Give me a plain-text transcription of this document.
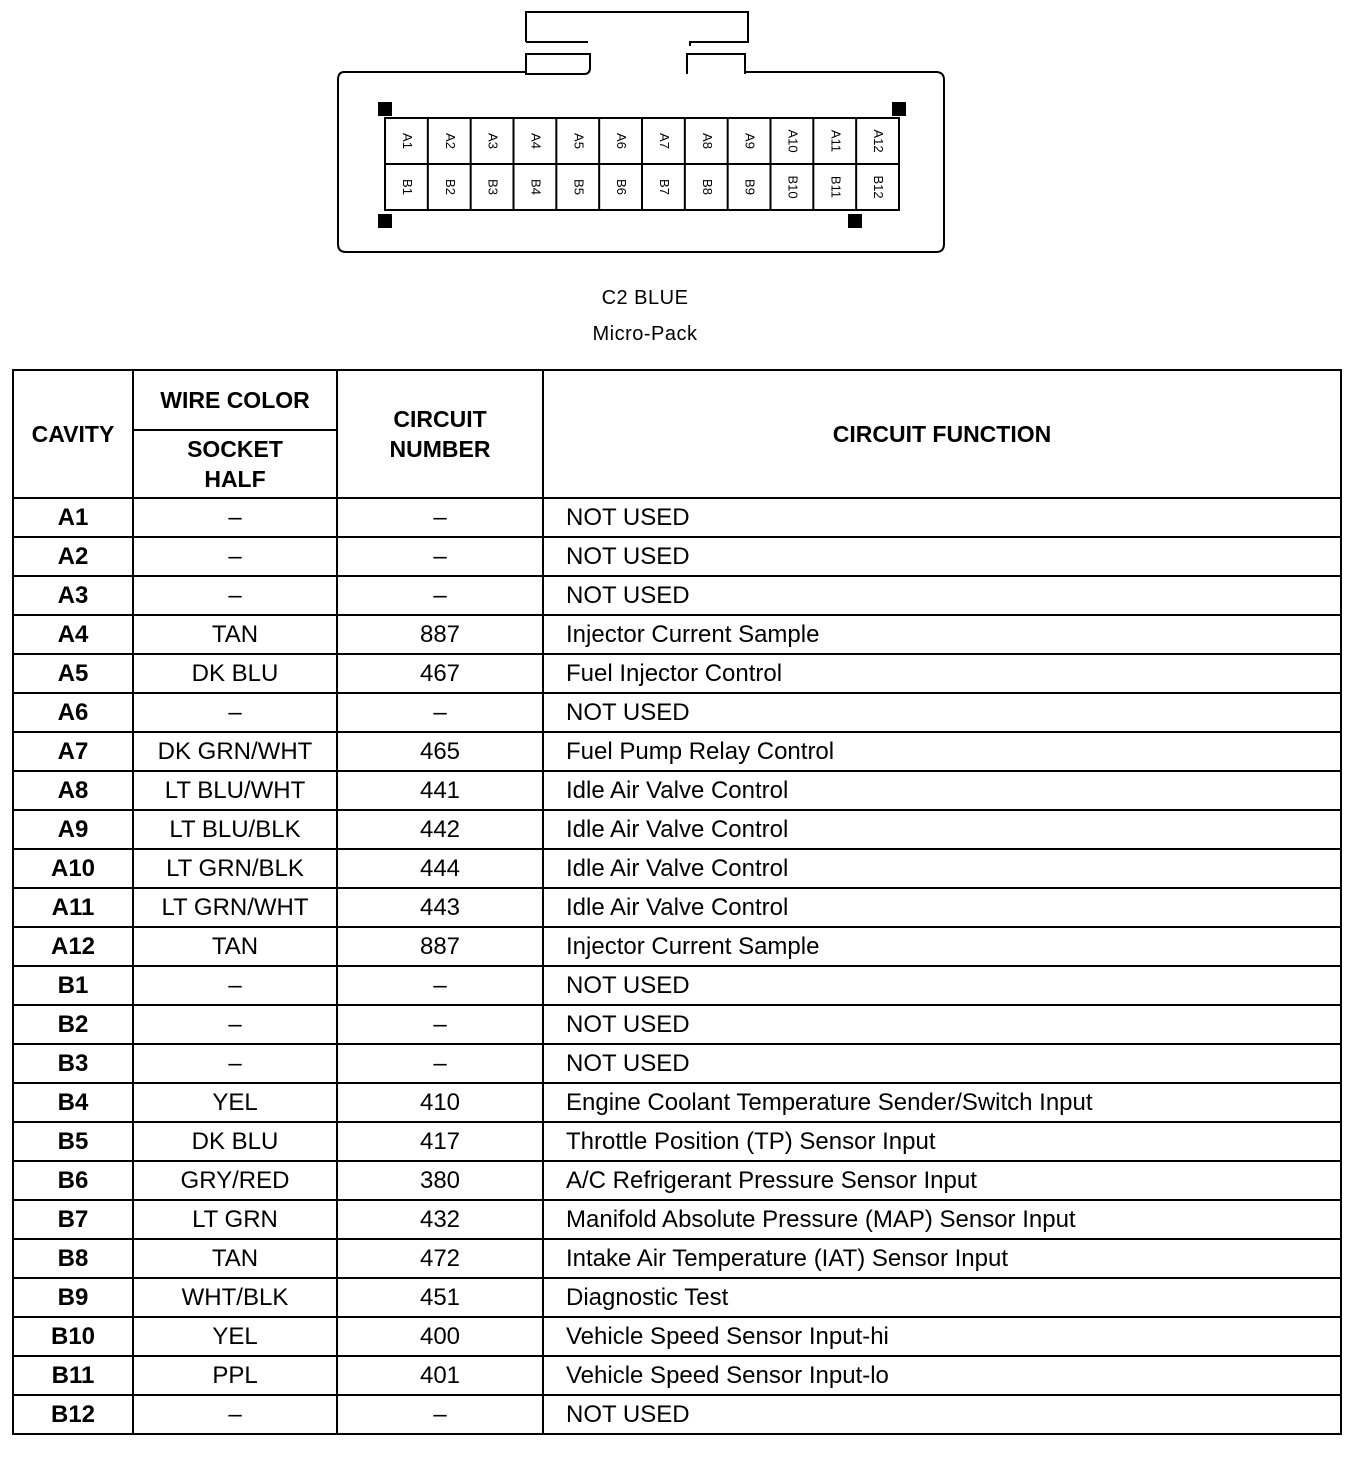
A1 A2 A3 A4 A5 A6 A7 A8 A9 A10 A11 A12
B1 B2 B3 B4 B5 B6 B7 B8 B9 B10 B11 B12
C2 BLUE
Micro-Pack
CAVITY	WIRE COLOR	CIRCUIT NUMBER	CIRCUIT FUNCTION
	SOCKET HALF		
A1	–	–	NOT USED
A2	–	–	NOT USED
A3	–	–	NOT USED
A4	TAN	887	Injector Current Sample
A5	DK BLU	467	Fuel Injector Control
A6	–	–	NOT USED
A7	DK GRN/WHT	465	Fuel Pump Relay Control
A8	LT BLU/WHT	441	Idle Air Valve Control
A9	LT BLU/BLK	442	Idle Air Valve Control
A10	LT GRN/BLK	444	Idle Air Valve Control
A11	LT GRN/WHT	443	Idle Air Valve Control
A12	TAN	887	Injector Current Sample
B1	–	–	NOT USED
B2	–	–	NOT USED
B3	–	–	NOT USED
B4	YEL	410	Engine Coolant Temperature Sender/Switch Input
B5	DK BLU	417	Throttle Position (TP) Sensor Input
B6	GRY/RED	380	A/C Refrigerant Pressure Sensor Input
B7	LT GRN	432	Manifold Absolute Pressure (MAP) Sensor Input
B8	TAN	472	Intake Air Temperature (IAT) Sensor Input
B9	WHT/BLK	451	Diagnostic Test
B10	YEL	400	Vehicle Speed Sensor Input-hi
B11	PPL	401	Vehicle Speed Sensor Input-lo
B12	–	–	NOT USED
